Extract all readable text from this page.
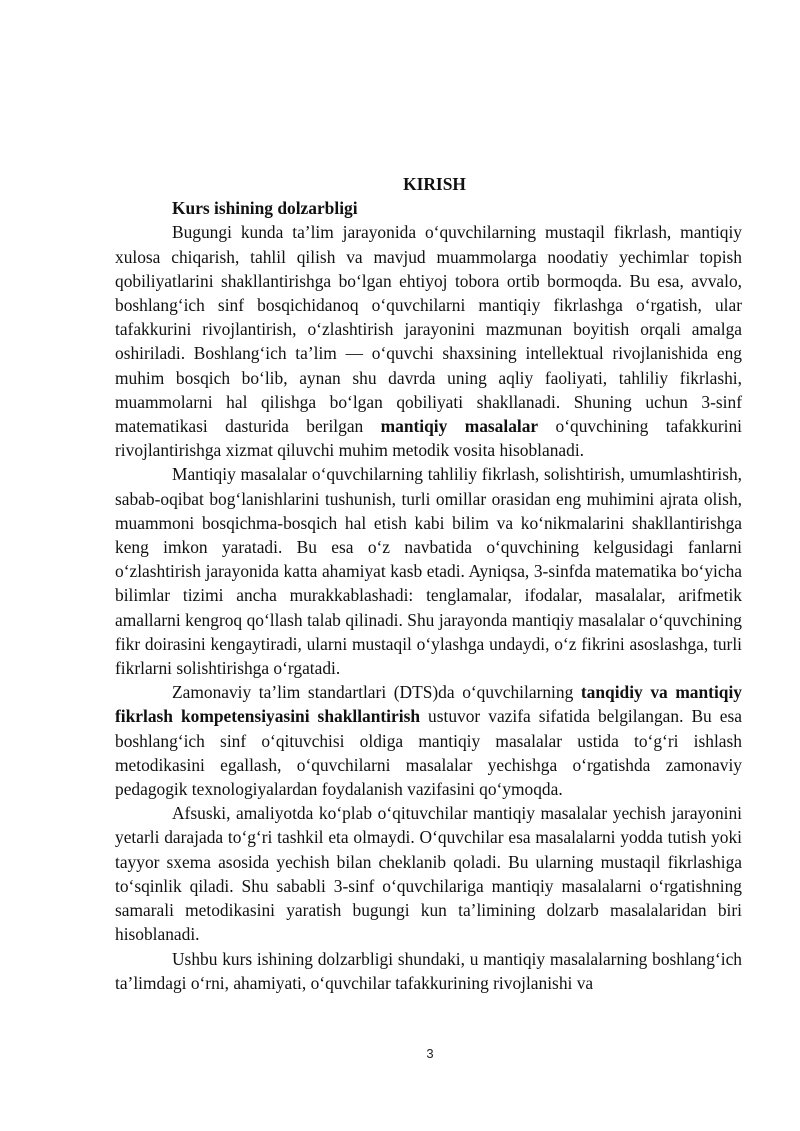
KIRISH

Kurs ishining dolzarbligi

Bugungi kunda ta’lim jarayonida o‘quvchilarning mustaqil fikrlash, mantiqiy xulosa chiqarish, tahlil qilish va mavjud muammolarga noodatiy yechimlar topish qobiliyatlarini shakllantirishga bo‘lgan ehtiyoj tobora ortib bormoqda. Bu esa, avvalo, boshlang‘ich sinf bosqichidanoq o‘quvchilarni mantiqiy fikrlashga o‘rgatish, ular tafakkurini rivojlantirish, o‘zlashtirish jarayonini mazmunan boyitish orqali amalga oshiriladi. Boshlang‘ich ta’lim — o‘quvchi shaxsining intellektual rivojlanishida eng muhim bosqich bo‘lib, aynan shu davrda uning aqliy faoliyati, tahliliy fikrlashi, muammolarni hal qilishga bo‘lgan qobiliyati shakllanadi. Shuning uchun 3-sinf matematikasi dasturida berilgan mantiqiy masalalar o‘quvchining tafakkurini rivojlantirishga xizmat qiluvchi muhim metodik vosita hisoblanadi.

Mantiqiy masalalar o‘quvchilarning tahliliy fikrlash, solishtirish, umumlashtirish, sabab-oqibat bog‘lanishlarini tushunish, turli omillar orasidan eng muhimini ajrata olish, muammoni bosqichma-bosqich hal etish kabi bilim va ko‘nikmalarini shakllantirishga keng imkon yaratadi. Bu esa o‘z navbatida o‘quvchining kelgusidagi fanlarni o‘zlashtirish jarayonida katta ahamiyat kasb etadi. Ayniqsa, 3-sinfda matematika bo‘yicha bilimlar tizimi ancha murakkablashadi: tenglamalar, ifodalar, masalalar, arifmetik amallarni kengroq qo‘llash talab qilinadi. Shu jarayonda mantiqiy masalalar o‘quvchining fikr doirasini kengaytiradi, ularni mustaqil o‘ylashga undaydi, o‘z fikrini asoslashga, turli fikrlarni solishtirishga o‘rgatadi.

Zamonaviy ta’lim standartlari (DTS)da o‘quvchilarning tanqidiy va mantiqiy fikrlash kompetensiyasini shakllantirish ustuvor vazifa sifatida belgilangan. Bu esa boshlang‘ich sinf o‘qituvchisi oldiga mantiqiy masalalar ustida to‘g‘ri ishlash metodikasini egallash, o‘quvchilarni masalalar yechishga o‘rgatishda zamonaviy pedagogik texnologiyalardan foydalanish vazifasini qo‘ymoqda.

Afsuski, amaliyotda ko‘plab o‘qituvchilar mantiqiy masalalar yechish jarayonini yetarli darajada to‘g‘ri tashkil eta olmaydi. O‘quvchilar esa masalalarni yodda tutish yoki tayyor sxema asosida yechish bilan cheklanib qoladi. Bu ularning mustaqil fikrlashiga to‘sqinlik qiladi. Shu sababli 3-sinf o‘quvchilariga mantiqiy masalalarni o‘rgatishning samarali metodikasini yaratish bugungi kun ta’limining dolzarb masalalaridan biri hisoblanadi.

Ushbu kurs ishining dolzarbligi shundaki, u mantiqiy masalalarning boshlang‘ich ta’limdagi o‘rni, ahamiyati, o‘quvchilar tafakkurining rivojlanishi va

3
